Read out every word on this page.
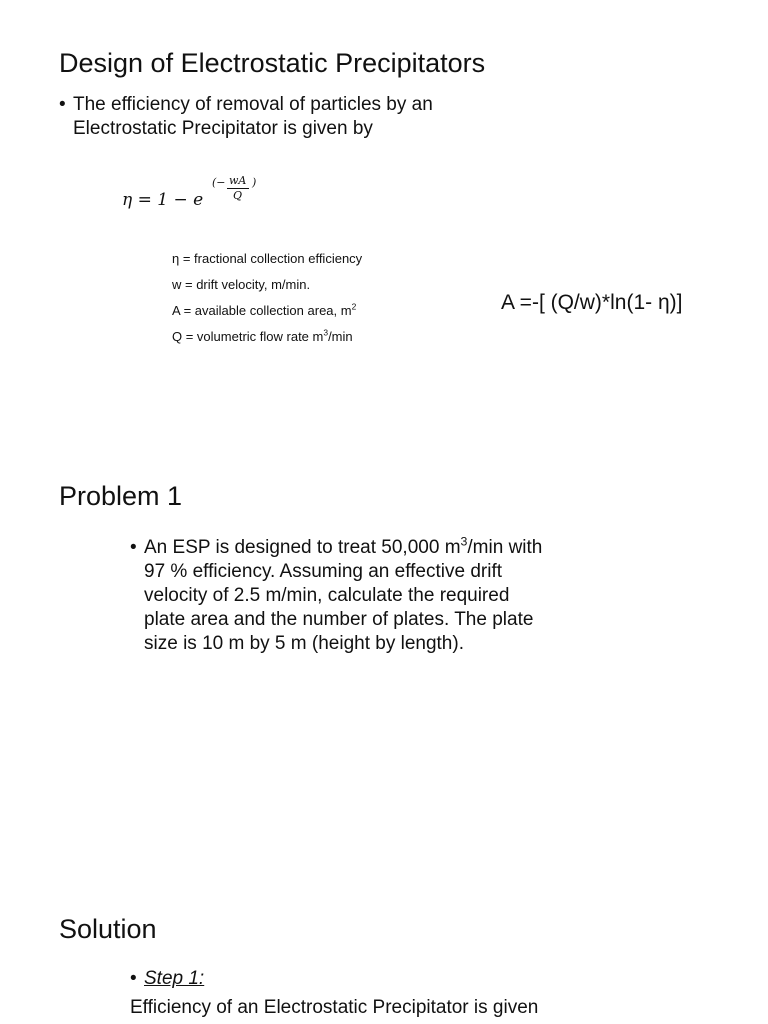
Design of Electrostatic Precipitators
• The efficiency of removal of particles by an
Electrostatic Precipitator is given by
η = 1 − e
(− wA
Q
)
η = fractional collection efficiency
w = drift velocity, m/min.
A = available collection area, $m^2$
Q = volumetric flow rate $m^3/\min$
A =-[ (Q/w)*ln(1- η)]
Problem 1
• An ESP is designed to treat 50,000 $m^3/\min$ with
97 % efficiency. Assuming an effective drift
velocity of 2.5 m/min, calculate the required
plate area and the number of plates. The plate
size is 10 m by 5 m (height by length).
Solution
• Step 1:
Efficiency of an Electrostatic Precipitator is given
